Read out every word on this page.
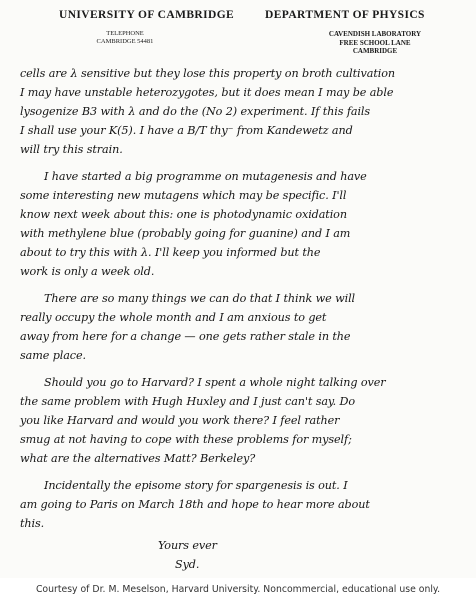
UNIVERSITY OF CAMBRIDGE	DEPARTMENT OF PHYSICS
TELEPHONE
CAMBRIDGE 54481
CAVENDISH LABORATORY
FREE SCHOOL LANE
CAMBRIDGE
cells are λ sensitive but they lose this property on broth cultivation
I may have unstable heterozygotes, but it does mean I may be able
lysogenize B3 with λ and do the (No 2) experiment. If this fails
I shall use your K(5). I have a B/T thy⁻ from Kandewetz and
will try this strain.
I have started a big programme on mutagenesis and have
some interesting new mutagens which may be specific. I'll
know next week about this: one is photodynamic oxidation
with methylene blue (probably going for guanine) and I am
about to try this with λ. I'll keep you informed but the
work is only a week old.
There are so many things we can do that I think we will
really occupy the whole month and I am anxious to get
away from here for a change — one gets rather stale in the
same place.
Should you go to Harvard? I spent a whole night talking over
the same problem with Hugh Huxley and I just can't say. Do
you like Harvard and would you work there? I feel rather
smug at not having to cope with these problems for myself;
what are the alternatives Matt? Berkeley?
Incidentally the episome story for spargenesis is out. I
am going to Paris on March 18th and hope to hear more about
this.
Yours ever
Syd.
Courtesy of Dr. M. Meselson, Harvard University. Noncommercial, educational use only.
